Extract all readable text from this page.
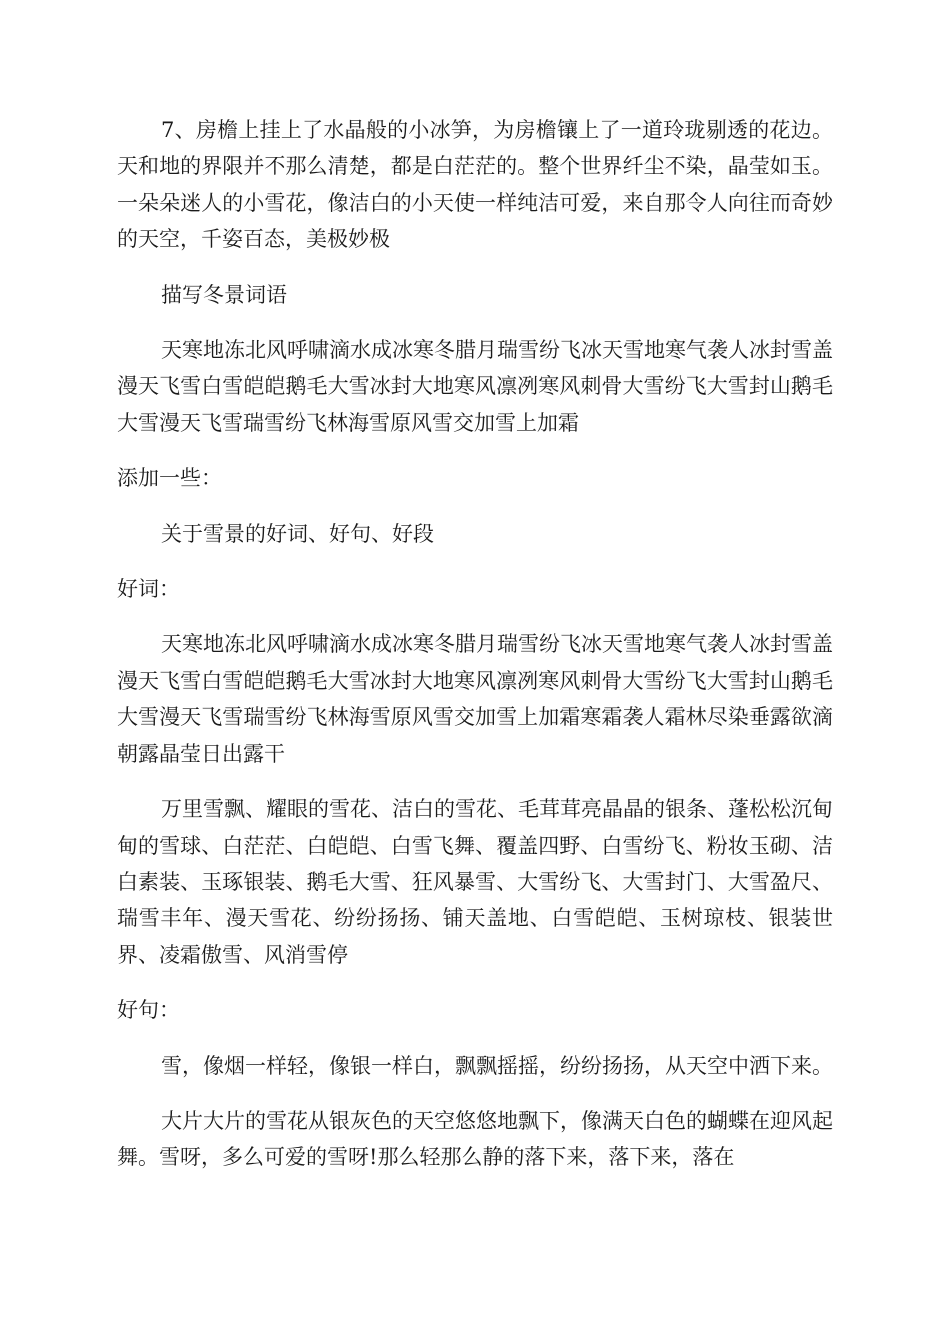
7、房檐上挂上了水晶般的小冰笋，为房檐镶上了一道玲珑剔透的花边。天和地的界限并不那么清楚，都是白茫茫的。整个世界纤尘不染，晶莹如玉。一朵朵迷人的小雪花，像洁白的小天使一样纯洁可爱，来自那令人向往而奇妙的天空，千姿百态，美极妙极

描写冬景词语

天寒地冻北风呼啸滴水成冰寒冬腊月瑞雪纷飞冰天雪地寒气袭人冰封雪盖漫天飞雪白雪皑皑鹅毛大雪冰封大地寒风凛冽寒风刺骨大雪纷飞大雪封山鹅毛大雪漫天飞雪瑞雪纷飞林海雪原风雪交加雪上加霜

添加一些：

关于雪景的好词、好句、好段

好词：

天寒地冻北风呼啸滴水成冰寒冬腊月瑞雪纷飞冰天雪地寒气袭人冰封雪盖漫天飞雪白雪皑皑鹅毛大雪冰封大地寒风凛冽寒风刺骨大雪纷飞大雪封山鹅毛大雪漫天飞雪瑞雪纷飞林海雪原风雪交加雪上加霜寒霜袭人霜林尽染垂露欲滴朝露晶莹日出露干

万里雪飘、耀眼的雪花、洁白的雪花、毛茸茸亮晶晶的银条、蓬松松沉甸甸的雪球、白茫茫、白皑皑、白雪飞舞、覆盖四野、白雪纷飞、粉妆玉砌、洁白素装、玉琢银装、鹅毛大雪、狂风暴雪、大雪纷飞、大雪封门、大雪盈尺、瑞雪丰年、漫天雪花、纷纷扬扬、铺天盖地、白雪皑皑、玉树琼枝、银装世界、凌霜傲雪、风消雪停

好句：

雪，像烟一样轻，像银一样白，飘飘摇摇，纷纷扬扬，从天空中洒下来。

大片大片的雪花从银灰色的天空悠悠地飘下，像满天白色的蝴蝶在迎风起舞。雪呀，多么可爱的雪呀!那么轻那么静的落下来，落下来，落在
